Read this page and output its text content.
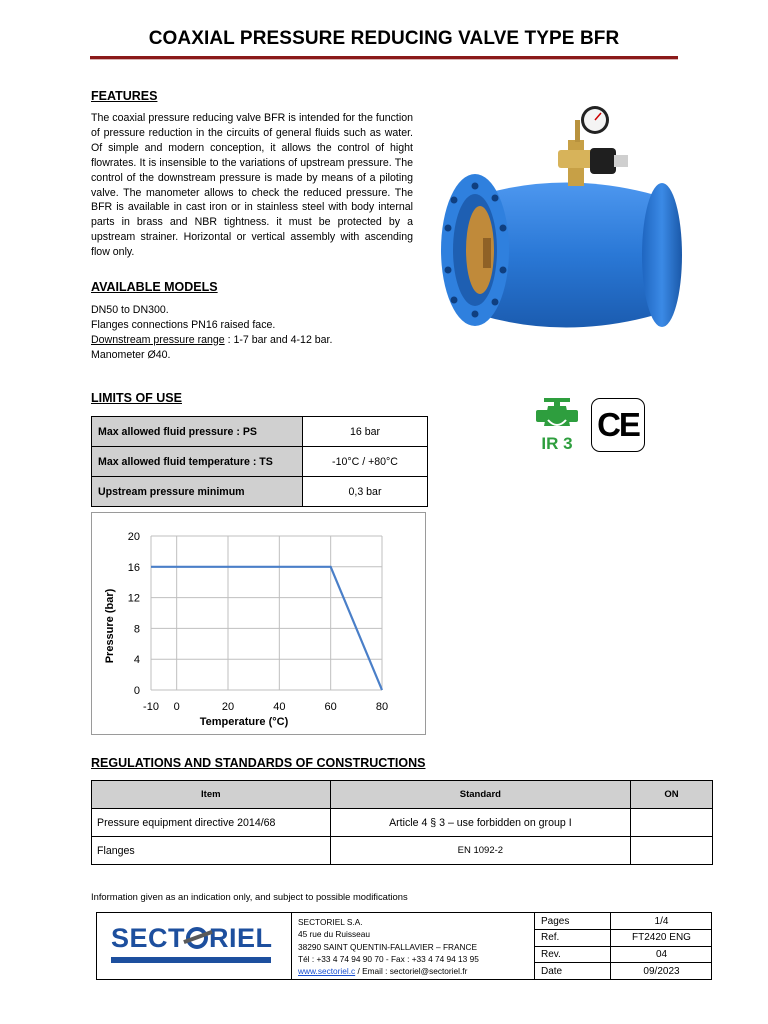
COAXIAL PRESSURE REDUCING VALVE TYPE BFR
FEATURES
The coaxial pressure reducing valve BFR is intended for the function of pressure reduction in the circuits of general fluids such as water. Of simple and modern conception, it allows the control of hight flowrates. It is insensible to the variations of upstream pressure. The control of the downstream pressure is made by means of a piloting valve. The manometer allows to check the reduced pressure. The BFR is available in cast iron or in stainless steel with body internal parts in brass and NBR tightness. it must be protected by a upstream strainer. Horizontal or vertical assembly with ascending flow only.
AVAILABLE MODELS
DN50 to DN300.
Flanges connections PN16 raised face.
Downstream pressure range : 1-7 bar and 4-12 bar.
Manometer Ø40.
LIMITS OF USE
Max allowed fluid pressure : PS	16 bar
Max allowed fluid temperature : TS	-10°C / +80°C
Upstream pressure minimum	0,3 bar
IR 3
CE
0
4
8
12
16
20
-10 0	20	40	60	80
Temperature (°C)
Pressure (bar)
REGULATIONS AND STANDARDS OF CONSTRUCTIONS
Item	Standard	ON
Pressure equipment directive 2014/68	Article 4 § 3 – use forbidden on group I	
Flanges	EN 1092-2	
Information given as an indication only, and subject to possible modifications
SECT RIEL
SECTORIEL S.A.
45 rue du Ruisseau
38290 SAINT QUENTIN-FALLAVIER – FRANCE
Tél : +33 4 74 94 90 70 - Fax : +33 4 74 94 13 95
www.sectoriel.c / Email : sectoriel@sectoriel.fr
Pages	1/4
Ref.	FT2420 ENG
Rev.	04
Date	09/2023
